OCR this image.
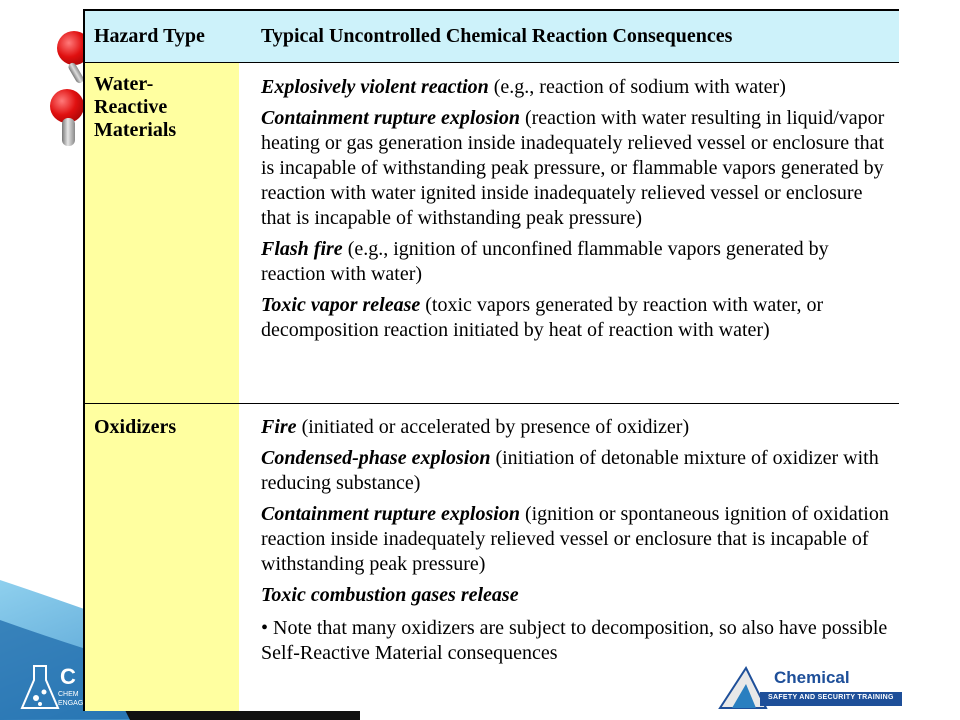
C
CHEM
ENGAG
Hazard Type	Typical Uncontrolled Chemical Reaction Consequences
Water-
Reactive
Materials
Oxidizers
Explosively violent reaction (e.g., reaction of sodium with water)
Containment rupture explosion (reaction with water resulting in liquid/vapor heating or gas generation inside inadequately relieved vessel or enclosure that is incapable of withstanding peak pressure, or flammable vapors generated by reaction with water ignited inside inadequately relieved vessel or enclosure that is incapable of withstanding peak pressure)
Flash fire (e.g., ignition of unconfined flammable vapors generated by reaction with water)
Toxic vapor release (toxic vapors generated by reaction with water, or decomposition reaction initiated by heat of reaction with water)
Fire (initiated or accelerated by presence of oxidizer)
Condensed-phase explosion (initiation of detonable mixture of oxidizer with reducing substance)
Containment rupture explosion (ignition or spontaneous ignition of oxidation reaction inside inadequately relieved vessel or enclosure that is incapable of withstanding peak pressure)
Toxic combustion gases release
• Note that many oxidizers are subject to decomposition, so also have possible Self-Reactive Material consequences
Chemical
SAFETY AND SECURITY TRAINING
